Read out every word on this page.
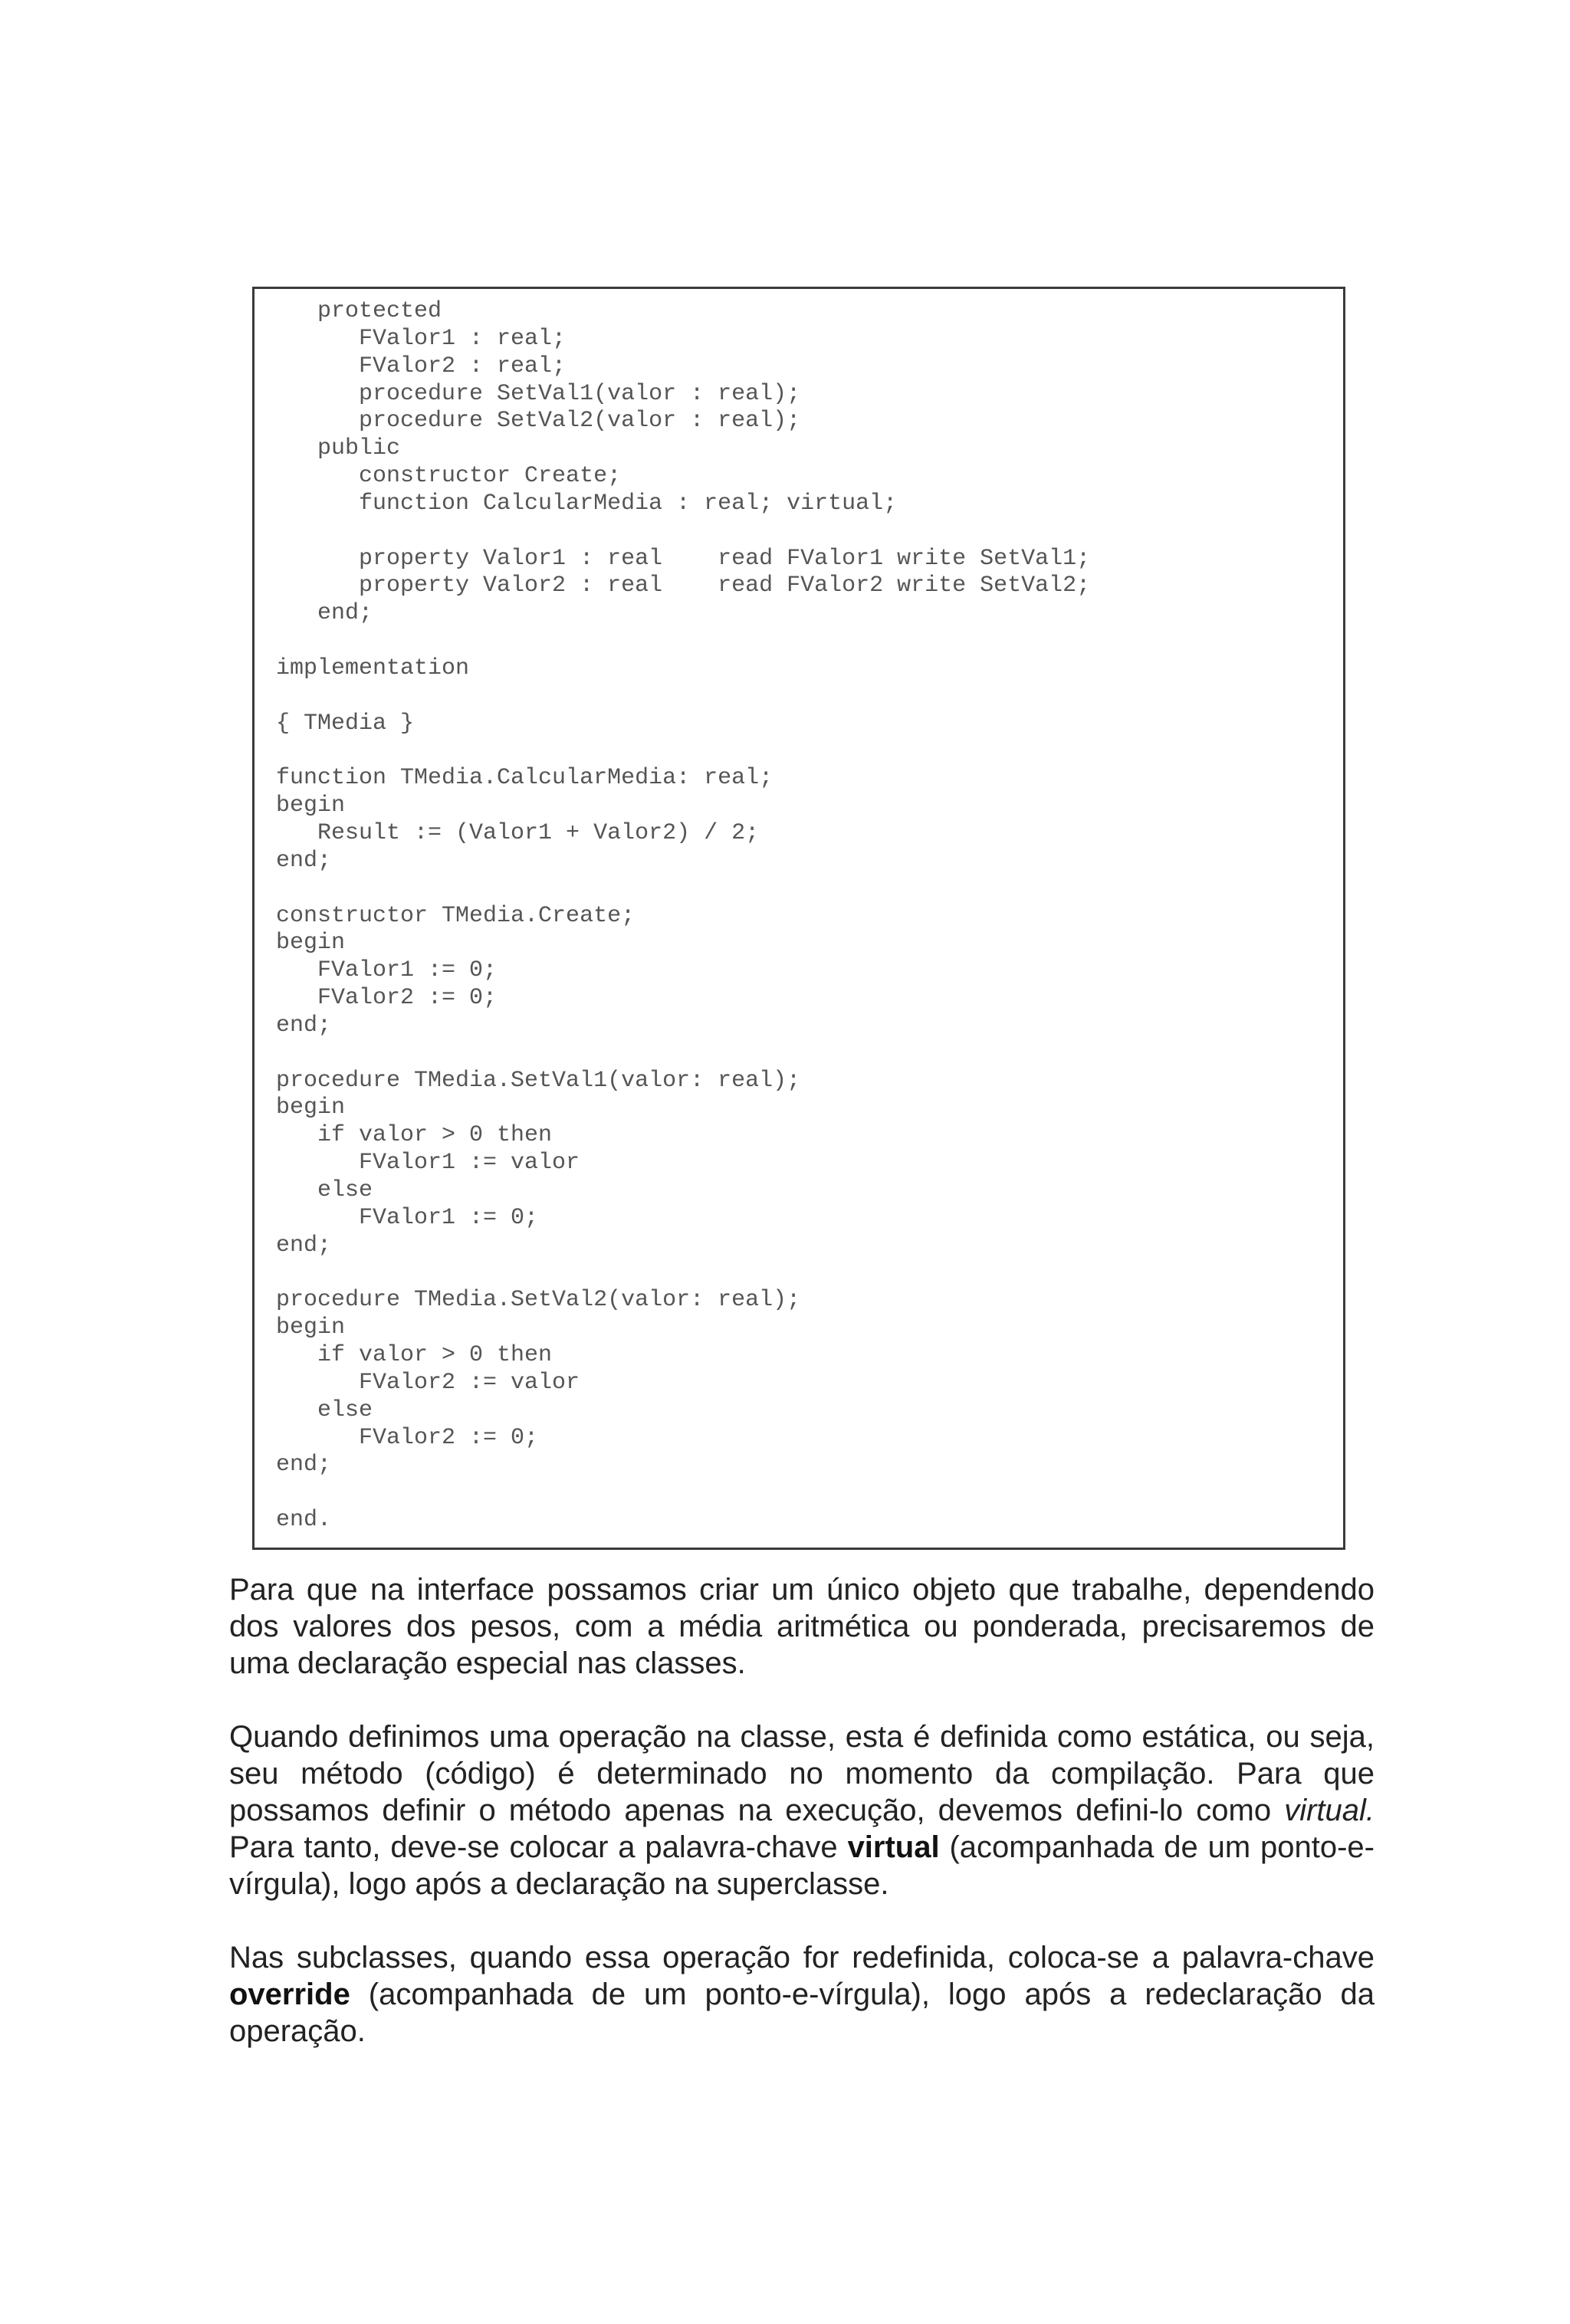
protected
FValor1 : real;
FValor2 : real;
procedure SetVal1(valor : real);
procedure SetVal2(valor : real);
public
constructor Create;
function CalcularMedia : real; virtual;
property Valor1 : real    read FValor1 write SetVal1;
property Valor2 : real    read FValor2 write SetVal2;
end;
implementation
{ TMedia }
function TMedia.CalcularMedia: real;
begin
Result := (Valor1 + Valor2) / 2;
end;
constructor TMedia.Create;
begin
FValor1 := 0;
FValor2 := 0;
end;
procedure TMedia.SetVal1(valor: real);
begin
if valor > 0 then
FValor1 := valor
else
FValor1 := 0;
end;
procedure TMedia.SetVal2(valor: real);
begin
if valor > 0 then
FValor2 := valor
else
FValor2 := 0;
end;
end.

Para que na interface possamos criar um único objeto que trabalhe, dependendo dos valores dos pesos, com a média aritmética ou ponderada, precisaremos de uma declaração especial nas classes.

Quando definimos uma operação na classe, esta é definida como estática, ou seja, seu método (código) é determinado no momento da compilação. Para que possamos definir o método apenas na execução, devemos defini-lo como virtual. Para tanto, deve-se colocar a palavra-chave virtual (acompanhada de um ponto-e-vírgula), logo após a declaração na superclasse.

Nas subclasses, quando essa operação for redefinida, coloca-se a palavra-chave override (acompanhada de um ponto-e-vírgula), logo após a redeclaração da operação.
